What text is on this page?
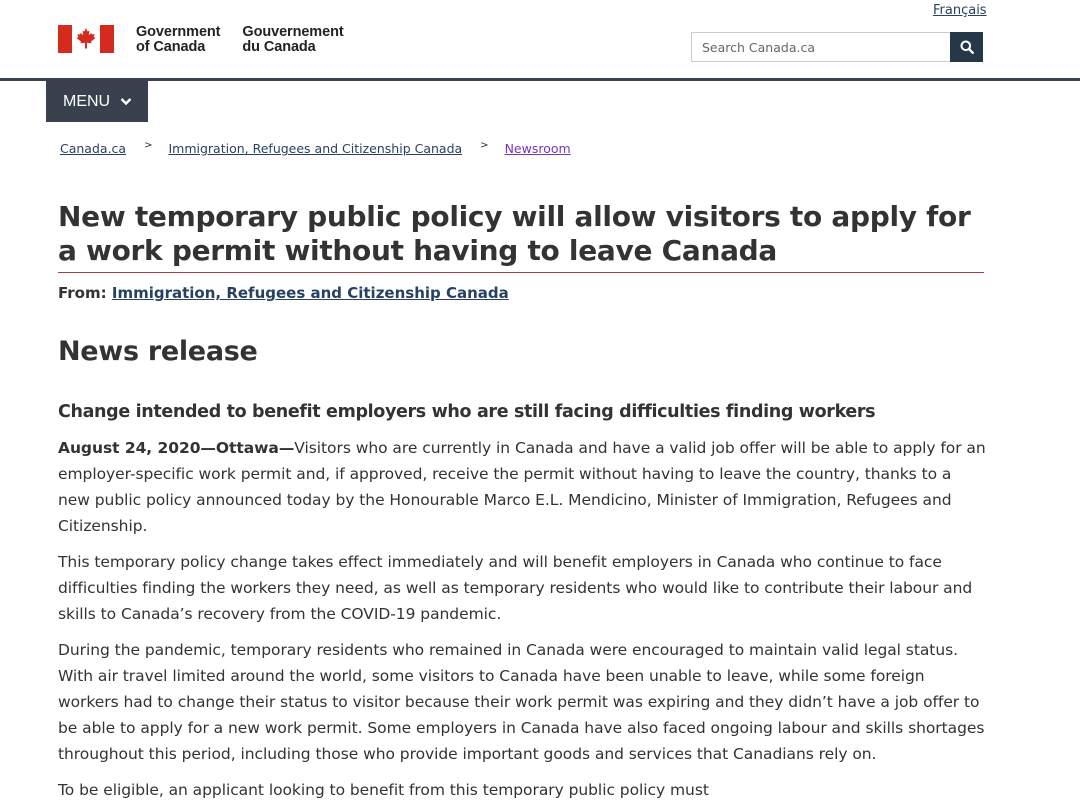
Français
Government
of Canada
Gouvernement
du Canada
Search Canada.ca
MENU
Canada.ca > Immigration, Refugees and Citizenship Canada > Newsroom
New temporary public policy will allow visitors to apply for a work permit without having to leave Canada
From: Immigration, Refugees and Citizenship Canada
News release
Change intended to benefit employers who are still facing difficulties finding workers

August 24, 2020—Ottawa—Visitors who are currently in Canada and have a valid job offer will be able to apply for an employer-specific work permit and, if approved, receive the permit without having to leave the country, thanks to a new public policy announced today by the Honourable Marco E.L. Mendicino, Minister of Immigration, Refugees and Citizenship.

This temporary policy change takes effect immediately and will benefit employers in Canada who continue to face difficulties finding the workers they need, as well as temporary residents who would like to contribute their labour and skills to Canada’s recovery from the COVID-19 pandemic.

During the pandemic, temporary residents who remained in Canada were encouraged to maintain valid legal status. With air travel limited around the world, some visitors to Canada have been unable to leave, while some foreign workers had to change their status to visitor because their work permit was expiring and they didn’t have a job offer to be able to apply for a new work permit. Some employers in Canada have also faced ongoing labour and skills shortages throughout this period, including those who provide important goods and services that Canadians rely on.

To be eligible, an applicant looking to benefit from this temporary public policy must
